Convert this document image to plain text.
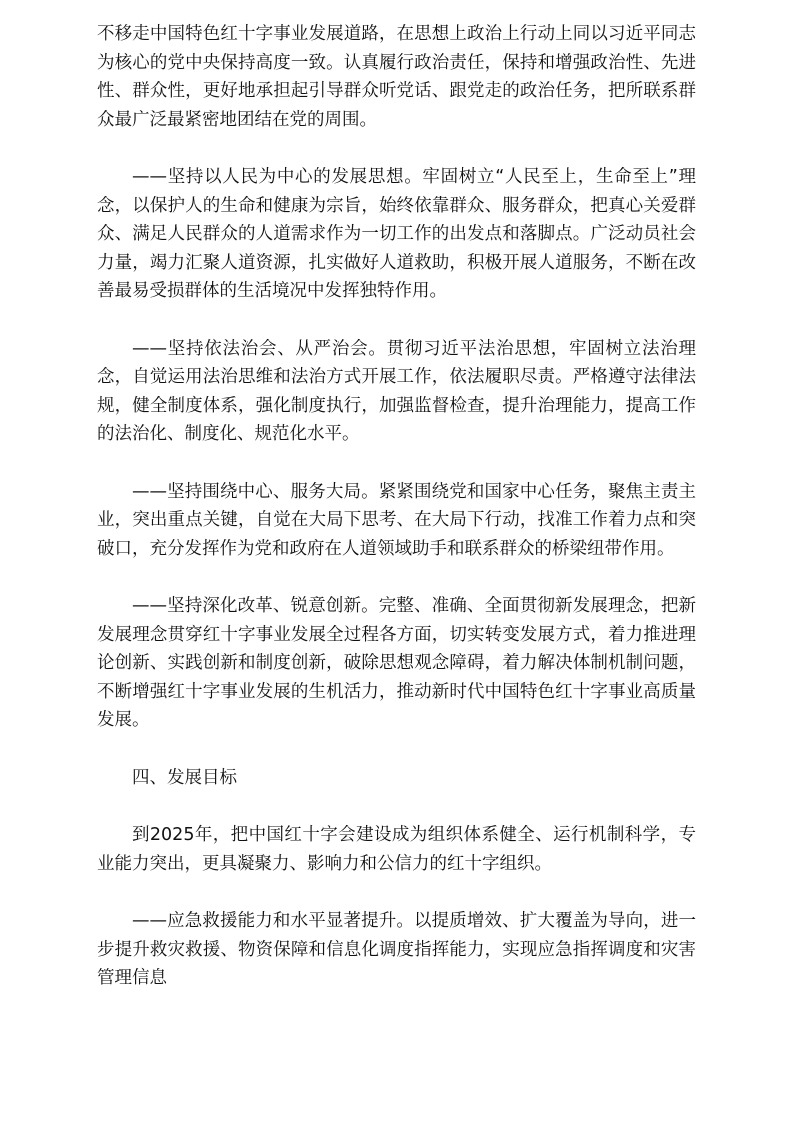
不移走中国特色红十字事业发展道路，在思想上政治上行动上同以习近平同志为核心的党中央保持高度一致。认真履行政治责任，保持和增强政治性、先进性、群众性，更好地承担起引导群众听党话、跟党走的政治任务，把所联系群众最广泛最紧密地团结在党的周围。

——坚持以人民为中心的发展思想。牢固树立“人民至上，生命至上”理念，以保护人的生命和健康为宗旨，始终依靠群众、服务群众，把真心关爱群众、满足人民群众的人道需求作为一切工作的出发点和落脚点。广泛动员社会力量，竭力汇聚人道资源，扎实做好人道救助，积极开展人道服务，不断在改善最易受损群体的生活境况中发挥独特作用。

——坚持依法治会、从严治会。贯彻习近平法治思想，牢固树立法治理念，自觉运用法治思维和法治方式开展工作，依法履职尽责。严格遵守法律法规，健全制度体系，强化制度执行，加强监督检查，提升治理能力，提高工作的法治化、制度化、规范化水平。

——坚持围绕中心、服务大局。紧紧围绕党和国家中心任务，聚焦主责主业，突出重点关键，自觉在大局下思考、在大局下行动，找准工作着力点和突破口，充分发挥作为党和政府在人道领域助手和联系群众的桥梁纽带作用。

——坚持深化改革、锐意创新。完整、准确、全面贯彻新发展理念，把新发展理念贯穿红十字事业发展全过程各方面，切实转变发展方式，着力推进理论创新、实践创新和制度创新，破除思想观念障碍，着力解决体制机制问题，不断增强红十字事业发展的生机活力，推动新时代中国特色红十字事业高质量发展。

四、发展目标

到2025年，把中国红十字会建设成为组织体系健全、运行机制科学，专业能力突出，更具凝聚力、影响力和公信力的红十字组织。

——应急救援能力和水平显著提升。以提质增效、扩大覆盖为导向，进一步提升救灾救援、物资保障和信息化调度指挥能力，实现应急指挥调度和灾害管理信息
